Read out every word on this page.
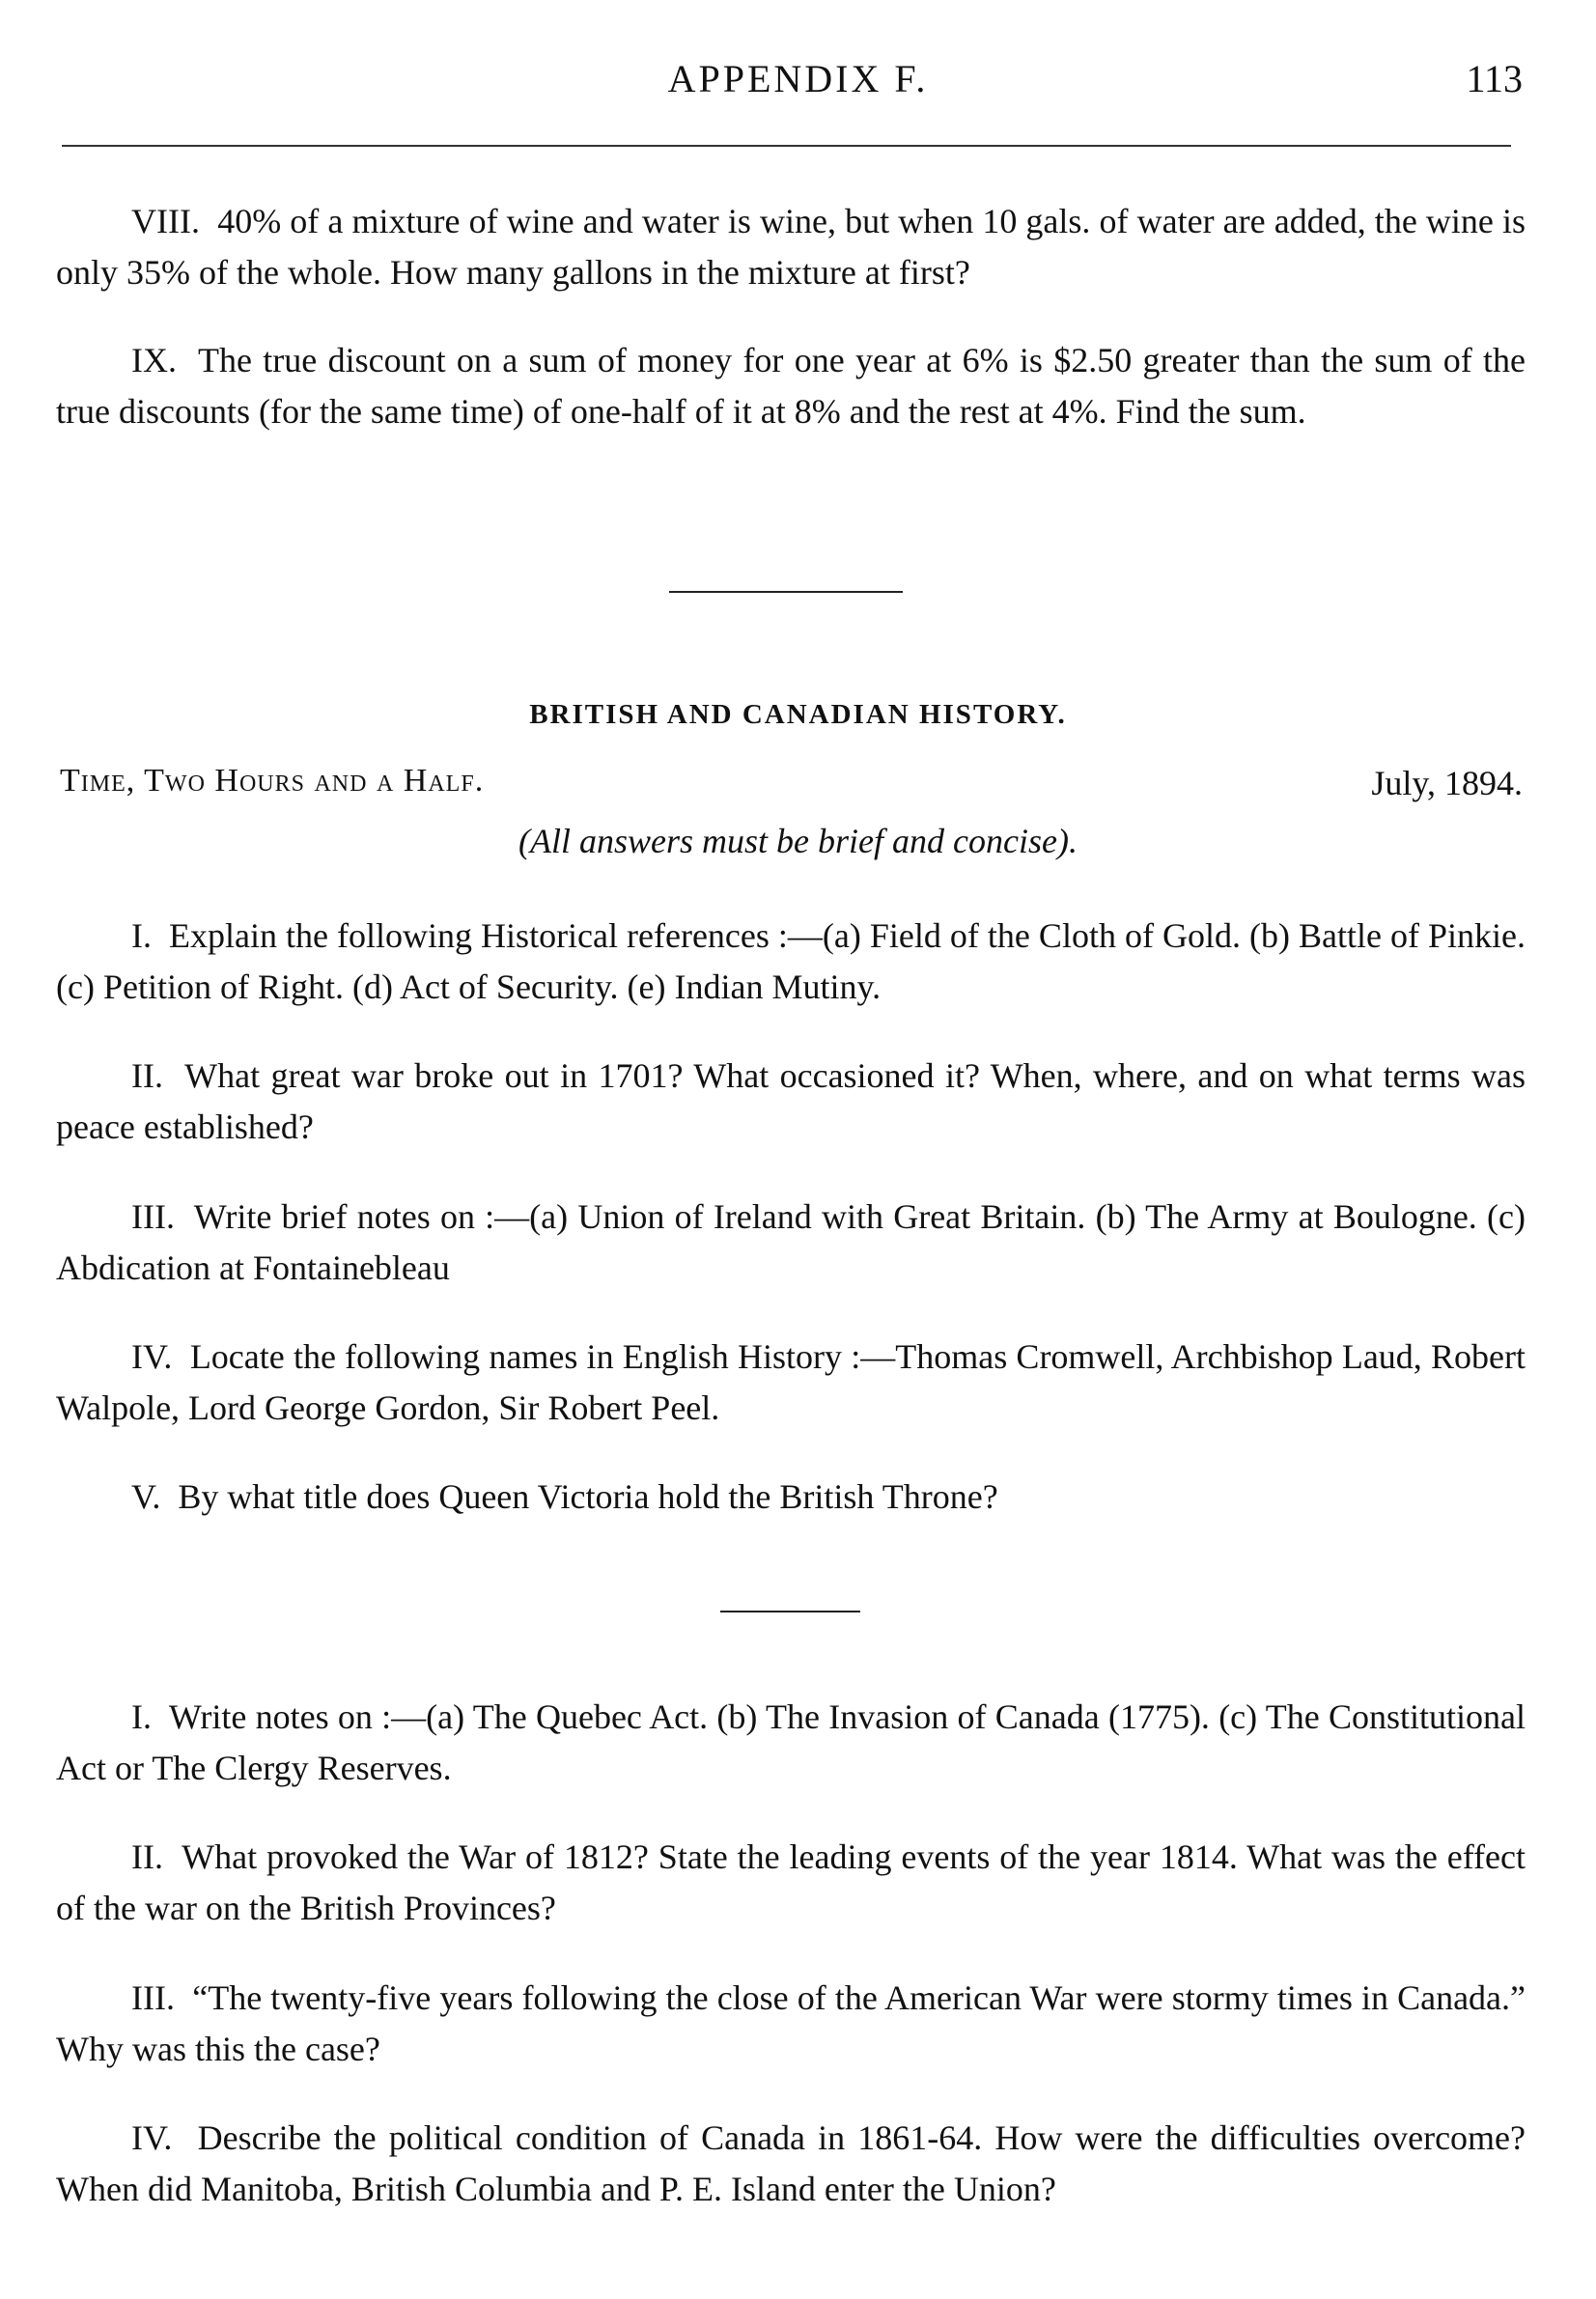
APPENDIX F.	113

VIII. 40% of a mixture of wine and water is wine, but when 10 gals. of water are added, the wine is only 35% of the whole. How many gallons in the mixture at first?

IX. The true discount on a sum of money for one year at 6% is $2.50 greater than the sum of the true discounts (for the same time) of one-half of it at 8% and the rest at 4%. Find the sum.

BRITISH AND CANADIAN HISTORY.
Time, Two Hours and a Half.	July, 1894.
(All answers must be brief and concise).

I. Explain the following Historical references :—(a) Field of the Cloth of Gold. (b) Battle of Pinkie. (c) Petition of Right. (d) Act of Security. (e) Indian Mutiny.

II. What great war broke out in 1701? What occasioned it? When, where, and on what terms was peace established?

III. Write brief notes on :—(a) Union of Ireland with Great Britain. (b) The Army at Boulogne. (c) Abdication at Fontainebleau

IV. Locate the following names in English History :—Thomas Cromwell, Archbishop Laud, Robert Walpole, Lord George Gordon, Sir Robert Peel.

V. By what title does Queen Victoria hold the British Throne?

I. Write notes on :—(a) The Quebec Act. (b) The Invasion of Canada (1775). (c) The Constitutional Act or The Clergy Reserves.

II. What provoked the War of 1812? State the leading events of the year 1814. What was the effect of the war on the British Provinces?

III. “The twenty-five years following the close of the American War were stormy times in Canada.” Why was this the case?

IV. Describe the political condition of Canada in 1861-64. How were the difficulties overcome? When did Manitoba, British Columbia and P. E. Island enter the Union?
